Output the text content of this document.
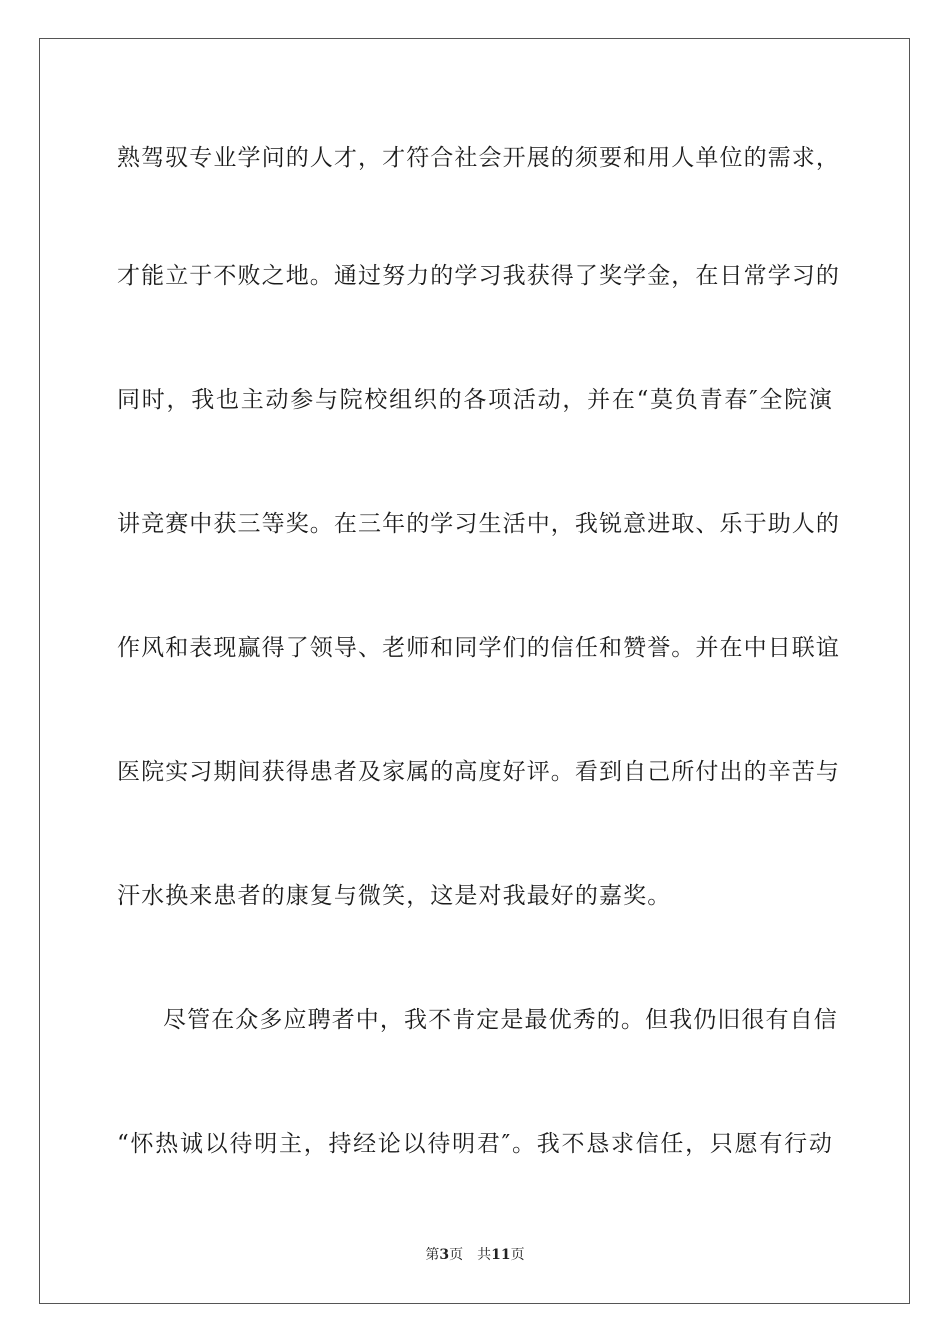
熟驾驭专业学问的人才，才符合社会开展的须要和用人单位的需求，
才能立于不败之地。通过努力的学习我获得了奖学金，在日常学习的
同时，我也主动参与院校组织的各项活动，并在“莫负青春″全院演
讲竞赛中获三等奖。在三年的学习生活中，我锐意进取、乐于助人的
作风和表现赢得了领导、老师和同学们的信任和赞誉。并在中日联谊
医院实习期间获得患者及家属的高度好评。看到自己所付出的辛苦与
汗水换来患者的康复与微笑，这是对我最好的嘉奖。
尽管在众多应聘者中，我不肯定是最优秀的。但我仍旧很有自信
“怀热诚以待明主，持经论以待明君″。我不恳求信任，只愿有行动
第3页 共11页
